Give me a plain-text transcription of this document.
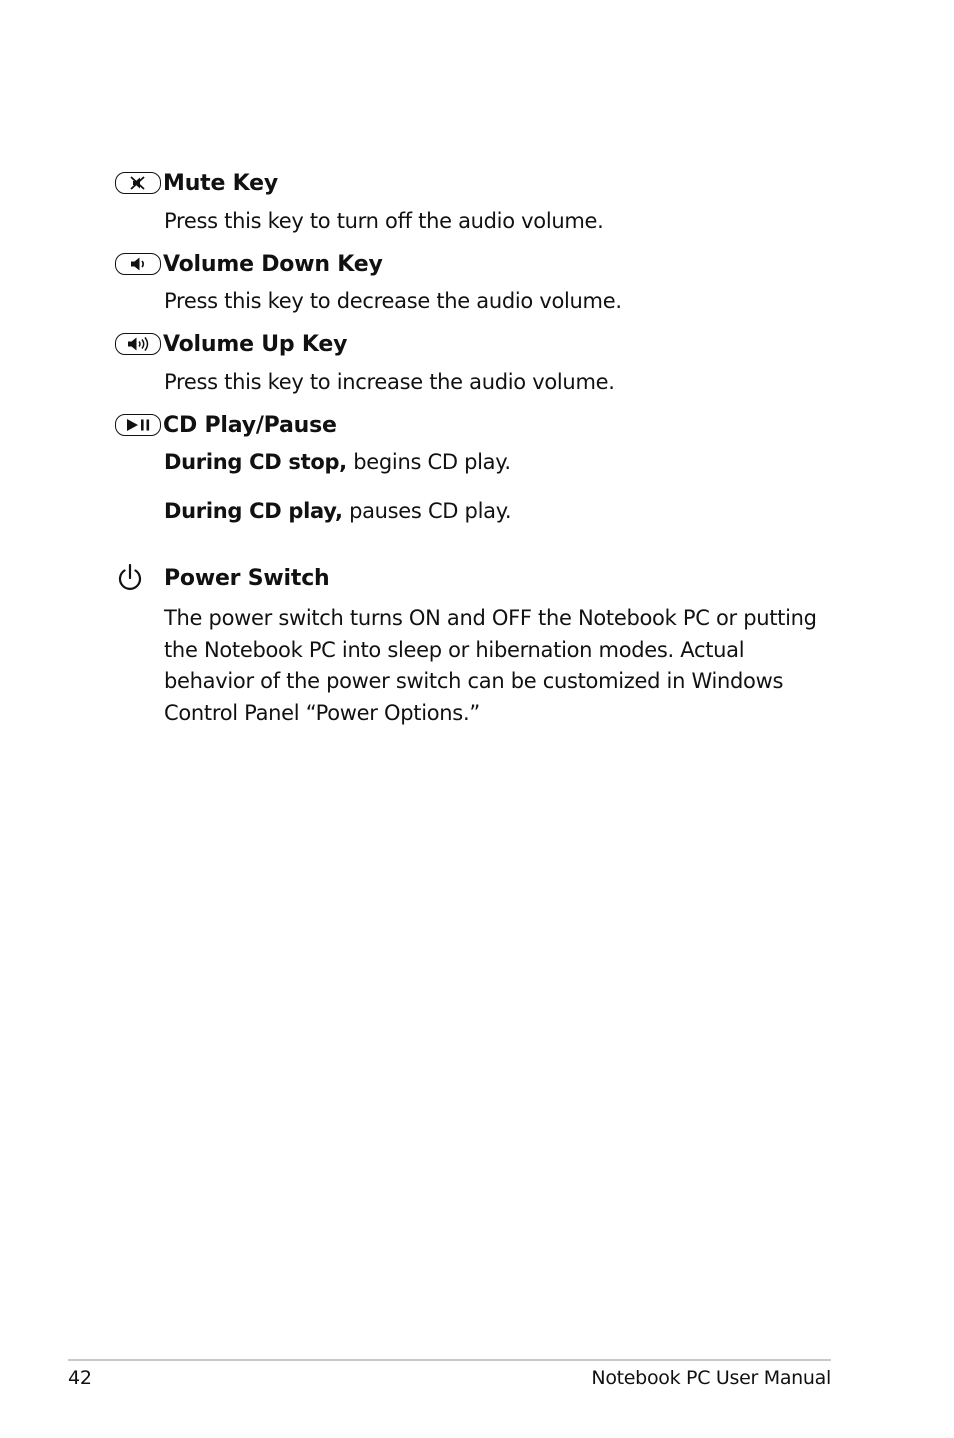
Mute Key
Press this key to turn off the audio volume.
Volume Down Key
Press this key to decrease the audio volume.
Volume Up Key
Press this key to increase the audio volume.
CD Play/Pause
During CD stop, begins CD play.
During CD play, pauses CD play.
Power Switch
The power switch turns ON and OFF the Notebook PC or putting
the Notebook PC into sleep or hibernation modes. Actual
behavior of the power switch can be customized in Windows
Control Panel “Power Options.”
42	Notebook PC User Manual
